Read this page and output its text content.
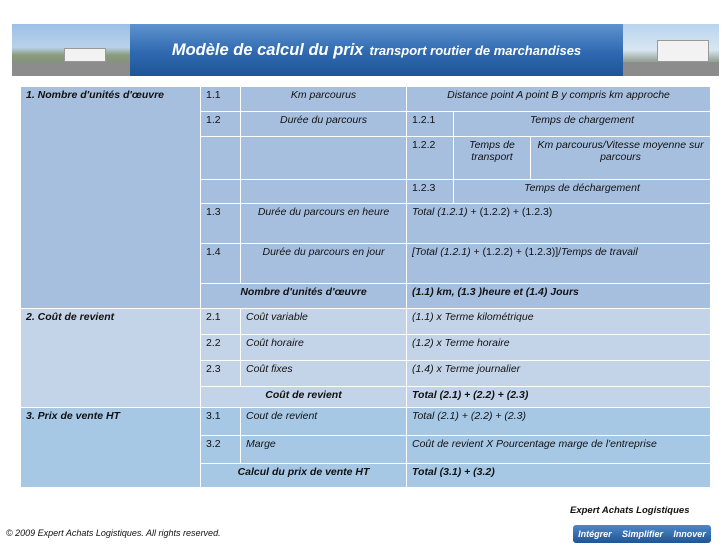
Modèle de calcul du prix transport routier de marchandises
1. Nombre d'unités d'œuvre	1.1	Km parcourus	Distance point A point B y compris km approche		
	1.2	Durée du parcours	1.2.1	Temps de chargement	
			1.2.2	Temps de transport	Km parcourus/Vitesse moyenne sur parcours
			1.2.3	Temps de déchargement	
	1.3	Durée du parcours en heure	Total (1.2.1) + (1.2.2) + (1.2.3)		
	1.4	Durée du parcours en jour	[Total (1.2.1) + (1.2.2) + (1.2.3)]/Temps de travail		
	Nombre d'unités d'œuvre		(1.1) km, (1.3 )heure et (1.4) Jours		
2. Coût de revient	2.1	Coût variable	(1.1) x Terme kilométrique		
	2.2	Coût horaire	(1.2) x Terme horaire		
	2.3	Coût fixes	(1.4) x Terme journalier		
	Coût de revient		Total (2.1) + (2.2) + (2.3)		
3. Prix de vente HT	3.1	Cout de revient	Total (2.1) + (2.2) + (2.3)		
	3.2	Marge	Coût de revient X Pourcentage marge de l'entreprise		
	Calcul du prix de vente HT		Total (3.1) + (3.2)		
Expert Achats Logistiques
Intégrer Simplifier Innover
© 2009 Expert Achats Logistiques. All rights reserved.
